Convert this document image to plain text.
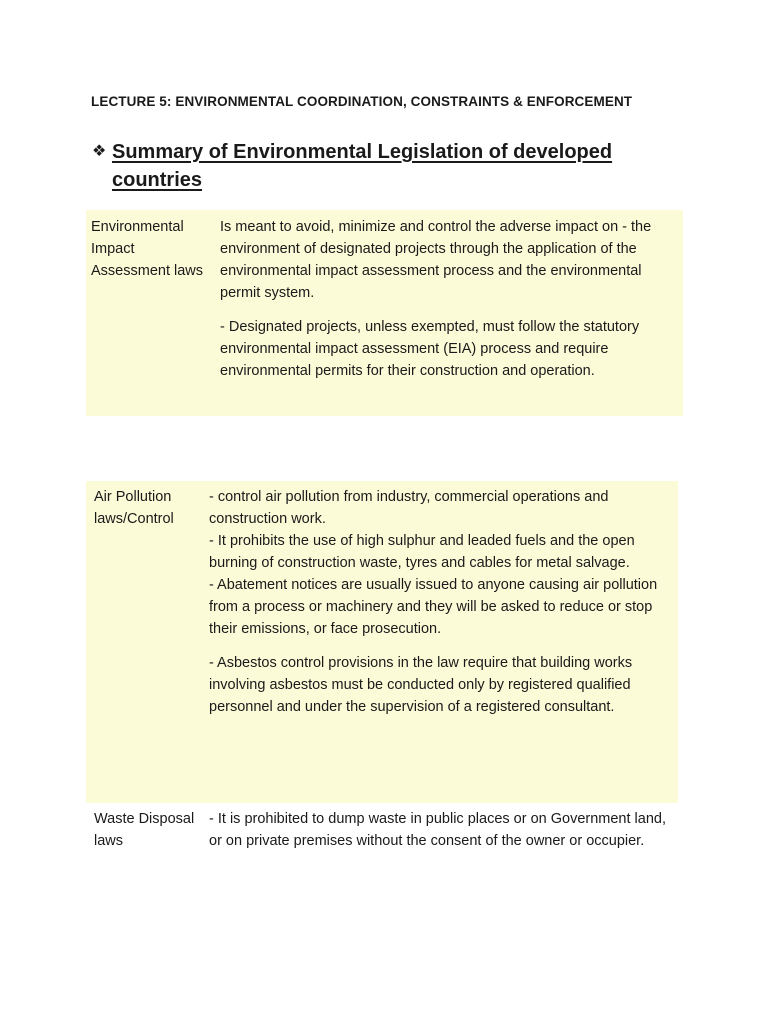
LECTURE 5: ENVIRONMENTAL COORDINATION, CONSTRAINTS & ENFORCEMENT
❖ Summary of Environmental Legislation of developed countries
Environmental Impact Assessment laws

Is meant to avoid, minimize and control the adverse impact on - the environment of designated projects through the application of the environmental impact assessment process and the environmental permit system.

- Designated projects, unless exempted, must follow the statutory environmental impact assessment (EIA) process and require environmental permits for their construction and operation.

Air Pollution laws/Control

- control air pollution from industry, commercial operations and construction work.

- It prohibits the use of high sulphur and leaded fuels and the open burning of construction waste, tyres and cables for metal salvage.

- Abatement notices are usually issued to anyone causing air pollution from a process or machinery and they will be asked to reduce or stop their emissions, or face prosecution.

- Asbestos control provisions in the law require that building works involving asbestos must be conducted only by registered qualified personnel and under the supervision of a registered consultant.

Waste Disposal laws

- It is prohibited to dump waste in public places or on Government land, or on private premises without the consent of the owner or occupier.
